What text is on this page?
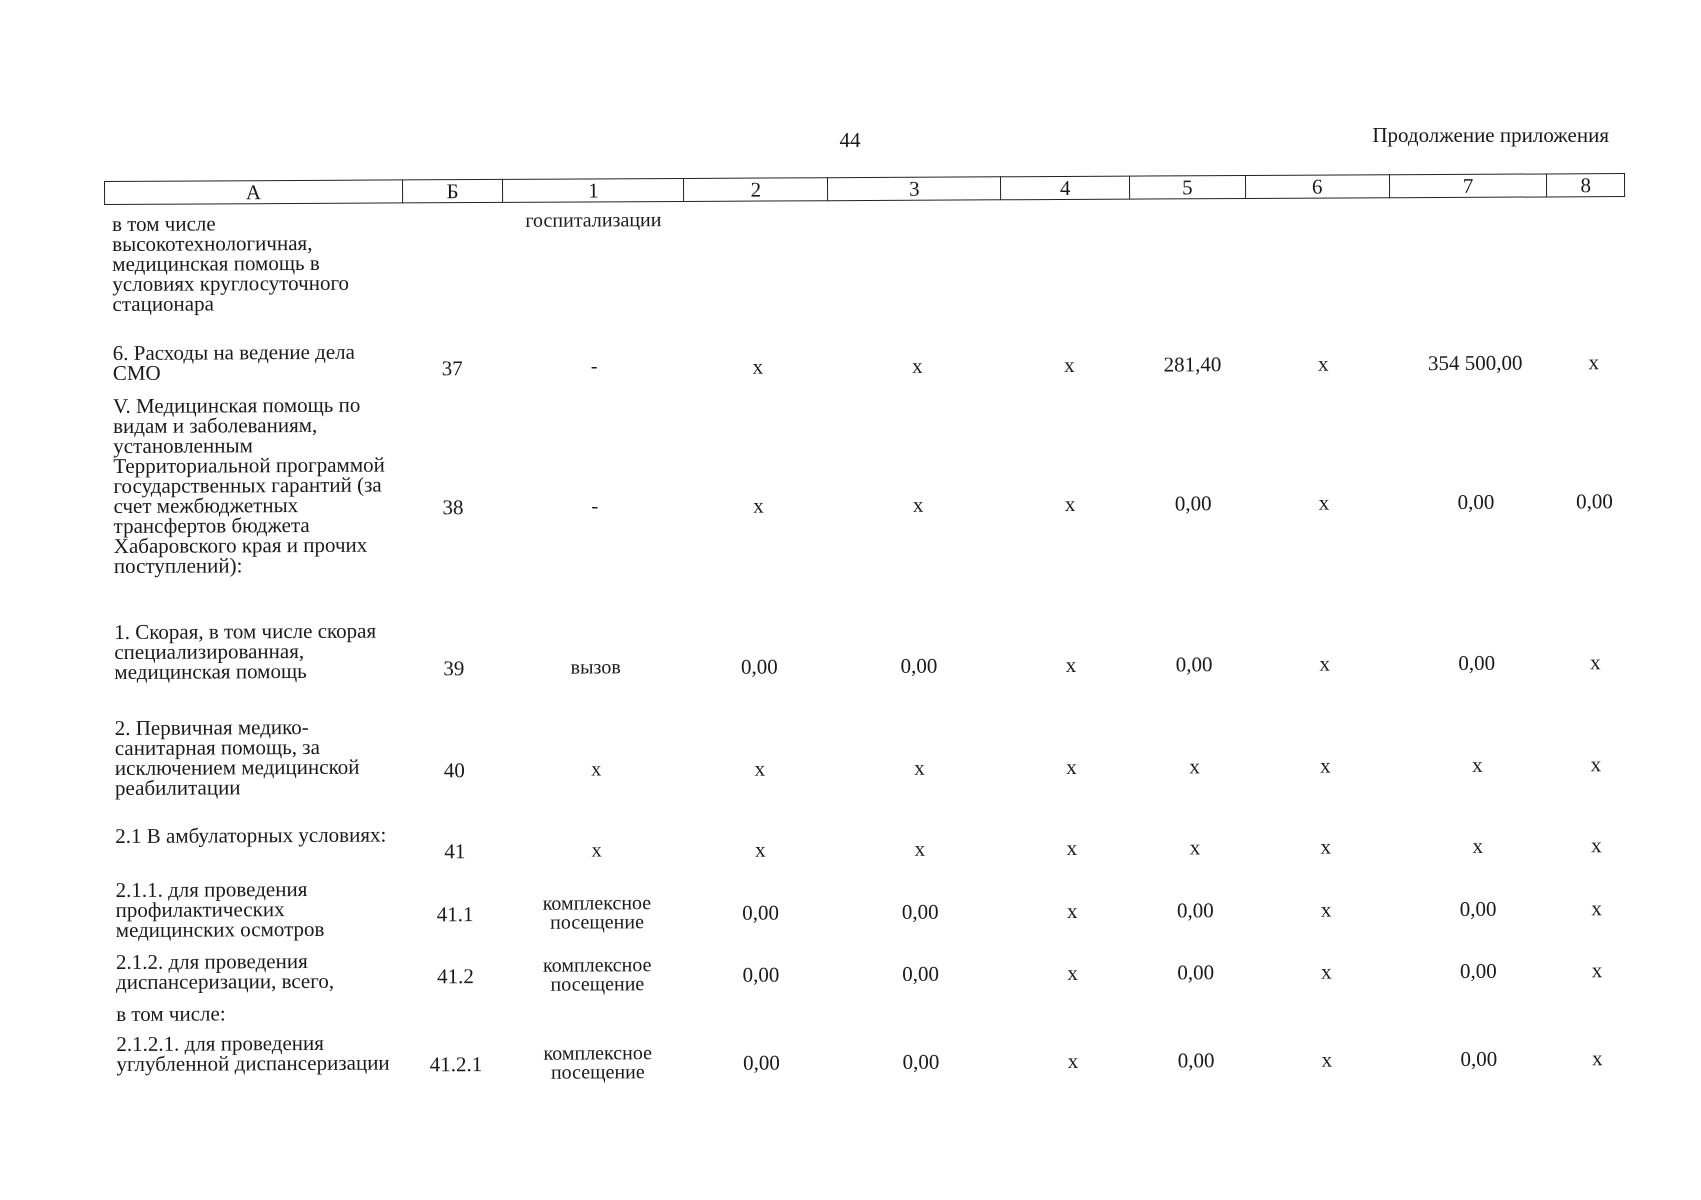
44	Продолжение приложения
А	Б	1	2	3	4	5	6	7	8
в том числе высокотехнологичная, медицинская помощь в условиях круглосуточного стационара		госпитализации							
6. Расходы на ведение дела СМО	37	-	х	х	х	281,40	х	354 500,00	х
V. Медицинская помощь по видам и заболеваниям, установленным Территориальной программой государственных гарантий (за счет межбюджетных трансфертов бюджета Хабаровского края и прочих поступлений):	38	-	х	х	х	0,00	х	0,00	0,00
1. Скорая, в том числе скорая специализированная, медицинская помощь	39	вызов	0,00	0,00	х	0,00	х	0,00	х
2. Первичная медико-санитарная помощь, за исключением медицинской реабилитации	40	х	х	х	х	х	х	х	х
2.1 В амбулаторных условиях:	41	х	х	х	х	х	х	х	х
2.1.1. для проведения профилактических медицинских осмотров	41.1	комплексное посещение	0,00	0,00	х	0,00	х	0,00	х
2.1.2. для проведения диспансеризации, всего,	41.2	комплексное посещение	0,00	0,00	х	0,00	х	0,00	х
в том числе:									
2.1.2.1. для проведения углубленной диспансеризации	41.2.1	комплексное посещение	0,00	0,00	х	0,00	х	0,00	х
